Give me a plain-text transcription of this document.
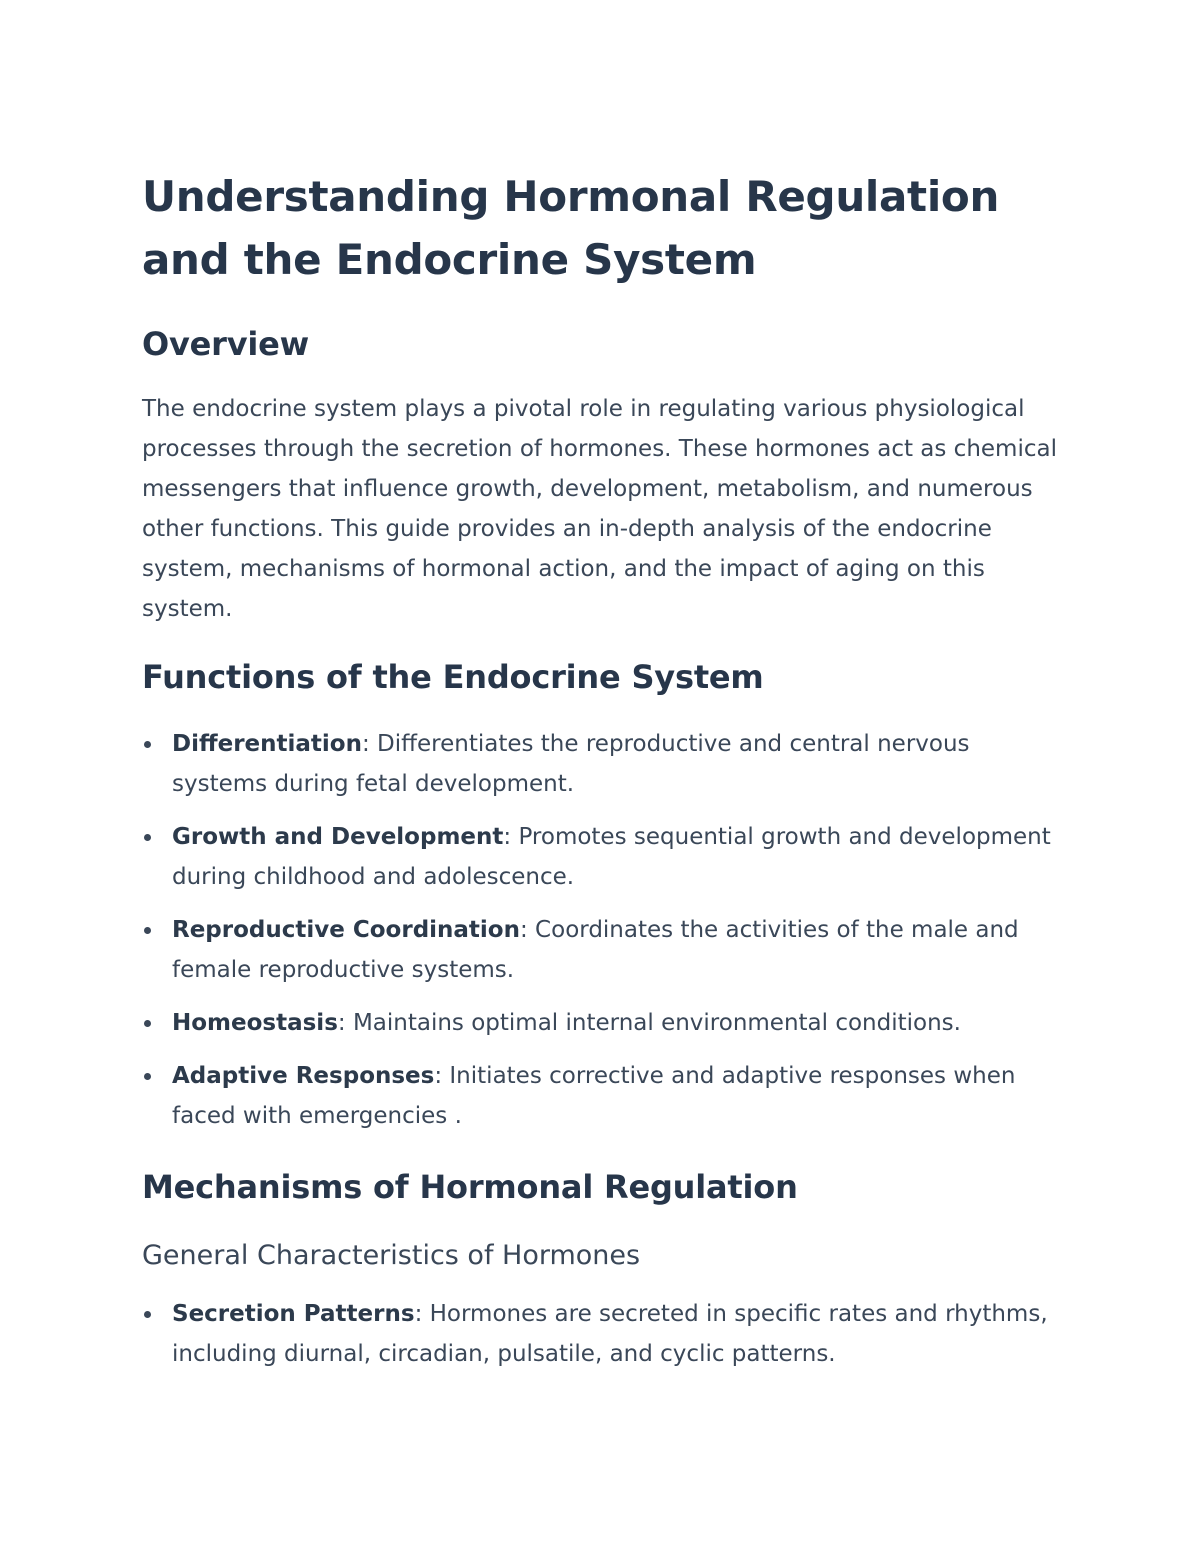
Understanding Hormonal Regulation
and the Endocrine System
Overview

The endocrine system plays a pivotal role in regulating various physiological processes through the secretion of hormones. These hormones act as chemical messengers that influence growth, development, metabolism, and numerous other functions. This guide provides an in-depth analysis of the endocrine system, mechanisms of hormonal action, and the impact of aging on this system.

Functions of the Endocrine System
Differentiation: Differentiates the reproductive and central nervous systems during fetal development.
Growth and Development: Promotes sequential growth and development during childhood and adolescence.
Reproductive Coordination: Coordinates the activities of the male and female reproductive systems.
Homeostasis: Maintains optimal internal environmental conditions.
Adaptive Responses: Initiates corrective and adaptive responses when faced with emergencies .
Mechanisms of Hormonal Regulation
General Characteristics of Hormones
Secretion Patterns: Hormones are secreted in specific rates and rhythms, including diurnal, circadian, pulsatile, and cyclic patterns.
